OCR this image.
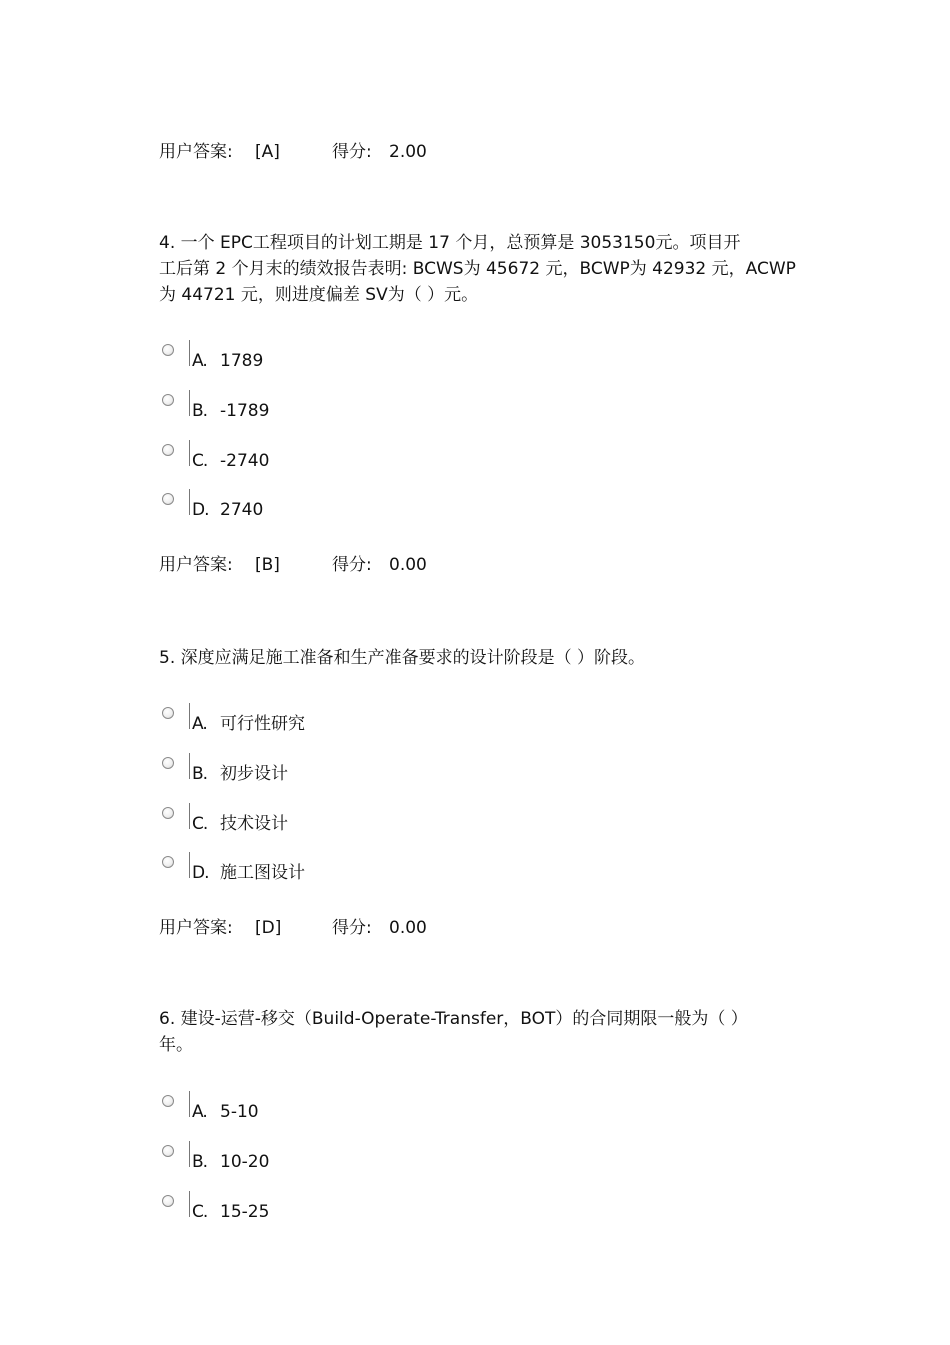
用户答案: [A]	得分: 2.00
4. 一个 EPC工程项目的计划工期是 17 个月，总预算是 3053150元。项目开
工后第 2 个月末的绩效报告表明: BCWS为 45672 元，BCWP为 42932 元，ACWP
为 44721 元，则进度偏差 SV为（ ）元。
A. 1789
B. -1789
C. -2740
D. 2740
用户答案: [B]	得分: 0.00
5. 深度应满足施工准备和生产准备要求的设计阶段是（ ）阶段。
A. 可行性研究
B. 初步设计
C. 技术设计
D. 施工图设计
用户答案: [D]	得分: 0.00
6. 建设-运营-移交（Build-Operate-Transfer，BOT）的合同期限一般为（ ）
年。
A. 5-10
B. 10-20
C. 15-25
